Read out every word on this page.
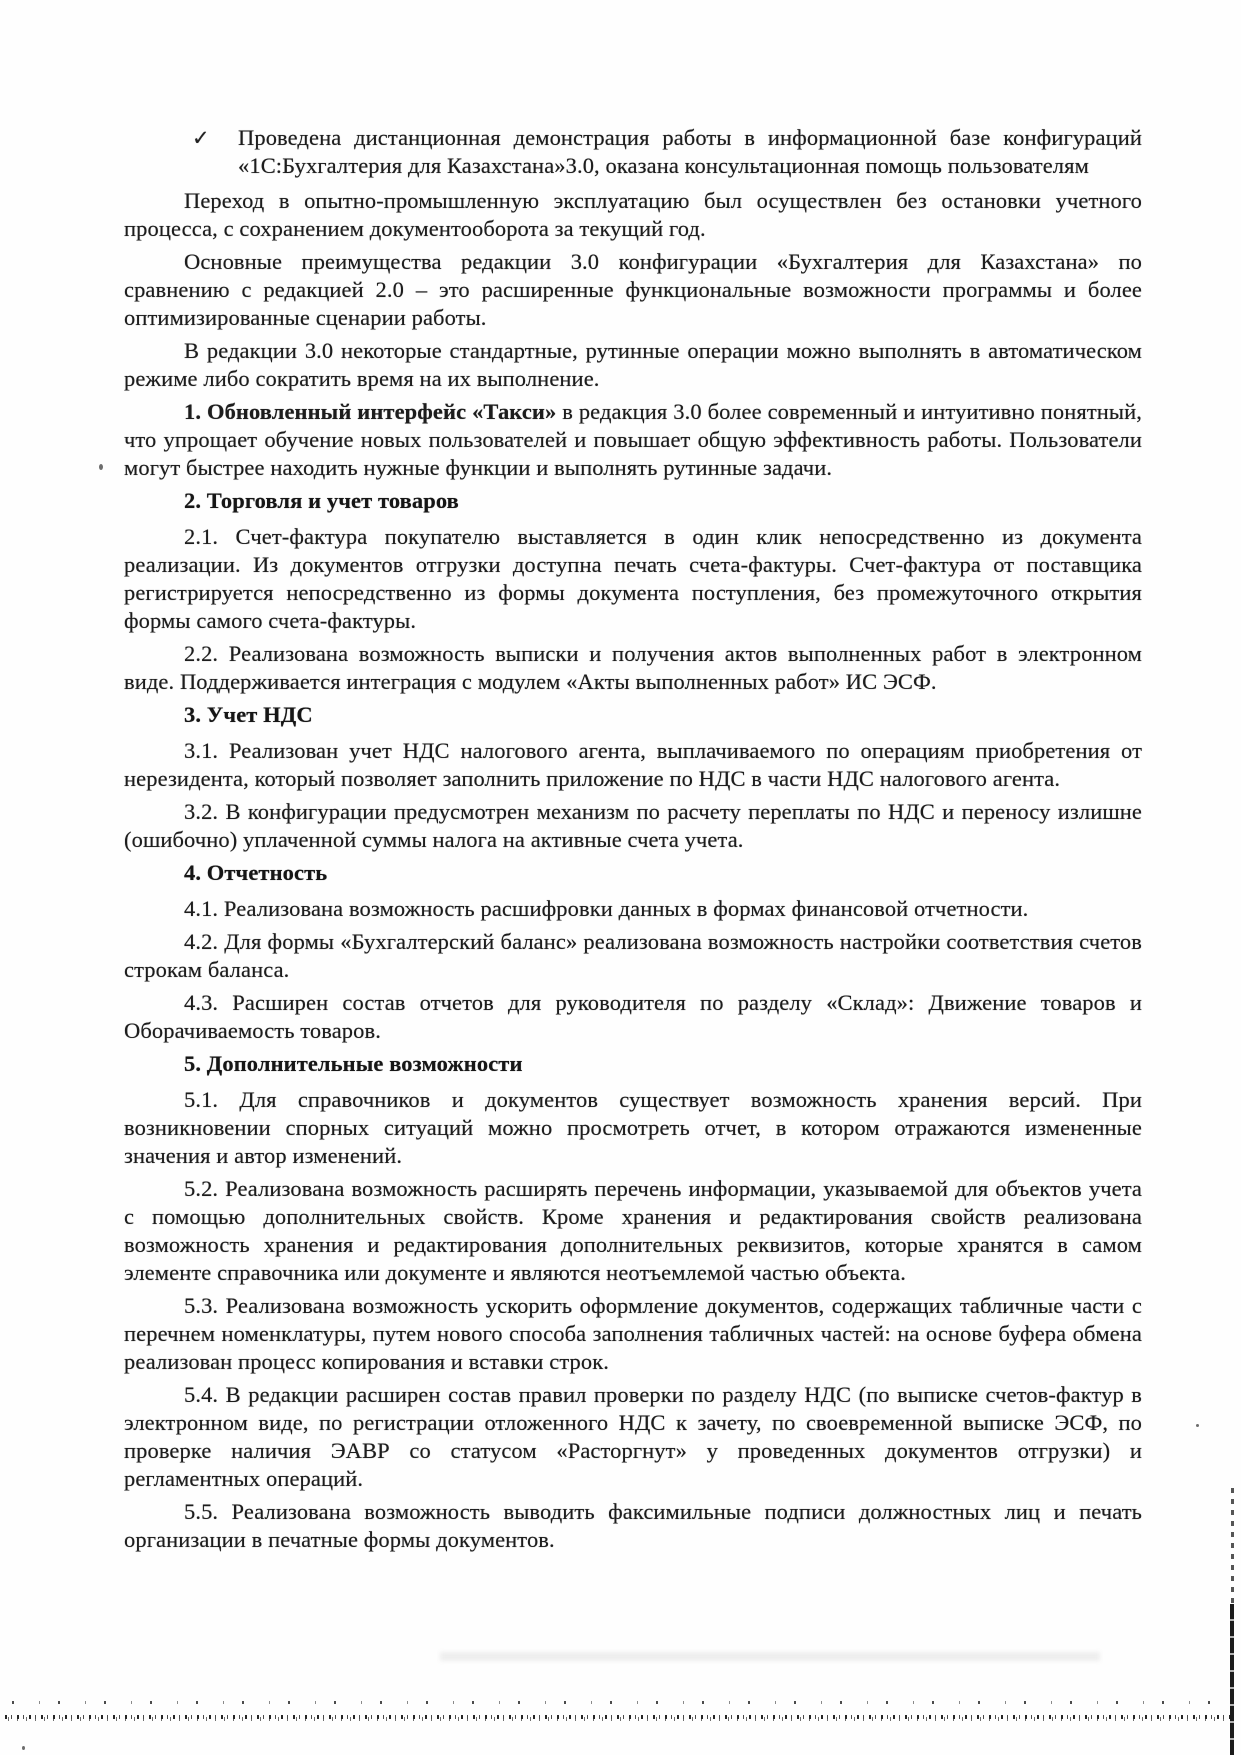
✓	Проведена дистанционная демонстрация работы в информационной базе конфигураций «1С:Бухгалтерия для Казахстана»3.0, оказана консультационная помощь пользователям

Переход в опытно-промышленную эксплуатацию был осуществлен без остановки учетного процесса, с сохранением документооборота за текущий год.

Основные преимущества редакции 3.0 конфигурации «Бухгалтерия для Казахстана» по сравнению с редакцией 2.0 – это расширенные функциональные возможности программы и более оптимизированные сценарии работы.

В редакции 3.0 некоторые стандартные, рутинные операции можно выполнять в автоматическом режиме либо сократить время на их выполнение.

1. Обновленный интерфейс «Такси» в редакция 3.0 более современный и интуитивно понятный, что упрощает обучение новых пользователей и повышает общую эффективность работы. Пользователи могут быстрее находить нужные функции и выполнять рутинные задачи.

2. Торговля и учет товаров

2.1. Счет-фактура покупателю выставляется в один клик непосредственно из документа реализации. Из документов отгрузки доступна печать счета-фактуры. Счет-фактура от поставщика регистрируется непосредственно из формы документа поступления, без промежуточного открытия формы самого счета-фактуры.

2.2. Реализована возможность выписки и получения актов выполненных работ в электронном виде. Поддерживается интеграция с модулем «Акты выполненных работ» ИС ЭСФ.

3. Учет НДС

3.1. Реализован учет НДС налогового агента, выплачиваемого по операциям приобретения от нерезидента, который позволяет заполнить приложение по НДС в части НДС налогового агента.

3.2. В конфигурации предусмотрен механизм по расчету переплаты по НДС и переносу излишне (ошибочно) уплаченной суммы налога на активные счета учета.

4. Отчетность

4.1. Реализована возможность расшифровки данных в формах финансовой отчетности.

4.2. Для формы «Бухгалтерский баланс» реализована возможность настройки соответствия счетов строкам баланса.

4.3. Расширен состав отчетов для руководителя по разделу «Склад»: Движение товаров и Оборачиваемость товаров.

5. Дополнительные возможности

5.1. Для справочников и документов существует возможность хранения версий. При возникновении спорных ситуаций можно просмотреть отчет, в котором отражаются измененные значения и автор изменений.

5.2. Реализована возможность расширять перечень информации, указываемой для объектов учета с помощью дополнительных свойств. Кроме хранения и редактирования свойств реализована возможность хранения и редактирования дополнительных реквизитов, которые хранятся в самом элементе справочника или документе и являются неотъемлемой частью объекта.

5.3. Реализована возможность ускорить оформление документов, содержащих табличные части с перечнем номенклатуры, путем нового способа заполнения табличных частей: на основе буфера обмена реализован процесс копирования и вставки строк.

5.4. В редакции расширен состав правил проверки по разделу НДС (по выписке счетов-фактур в электронном виде, по регистрации отложенного НДС к зачету, по своевременной выписке ЭСФ, по проверке наличия ЭАВР со статусом «Расторгнут» у проведенных документов отгрузки) и регламентных операций.

5.5. Реализована возможность выводить факсимильные подписи должностных лиц и печать организации в печатные формы документов.
